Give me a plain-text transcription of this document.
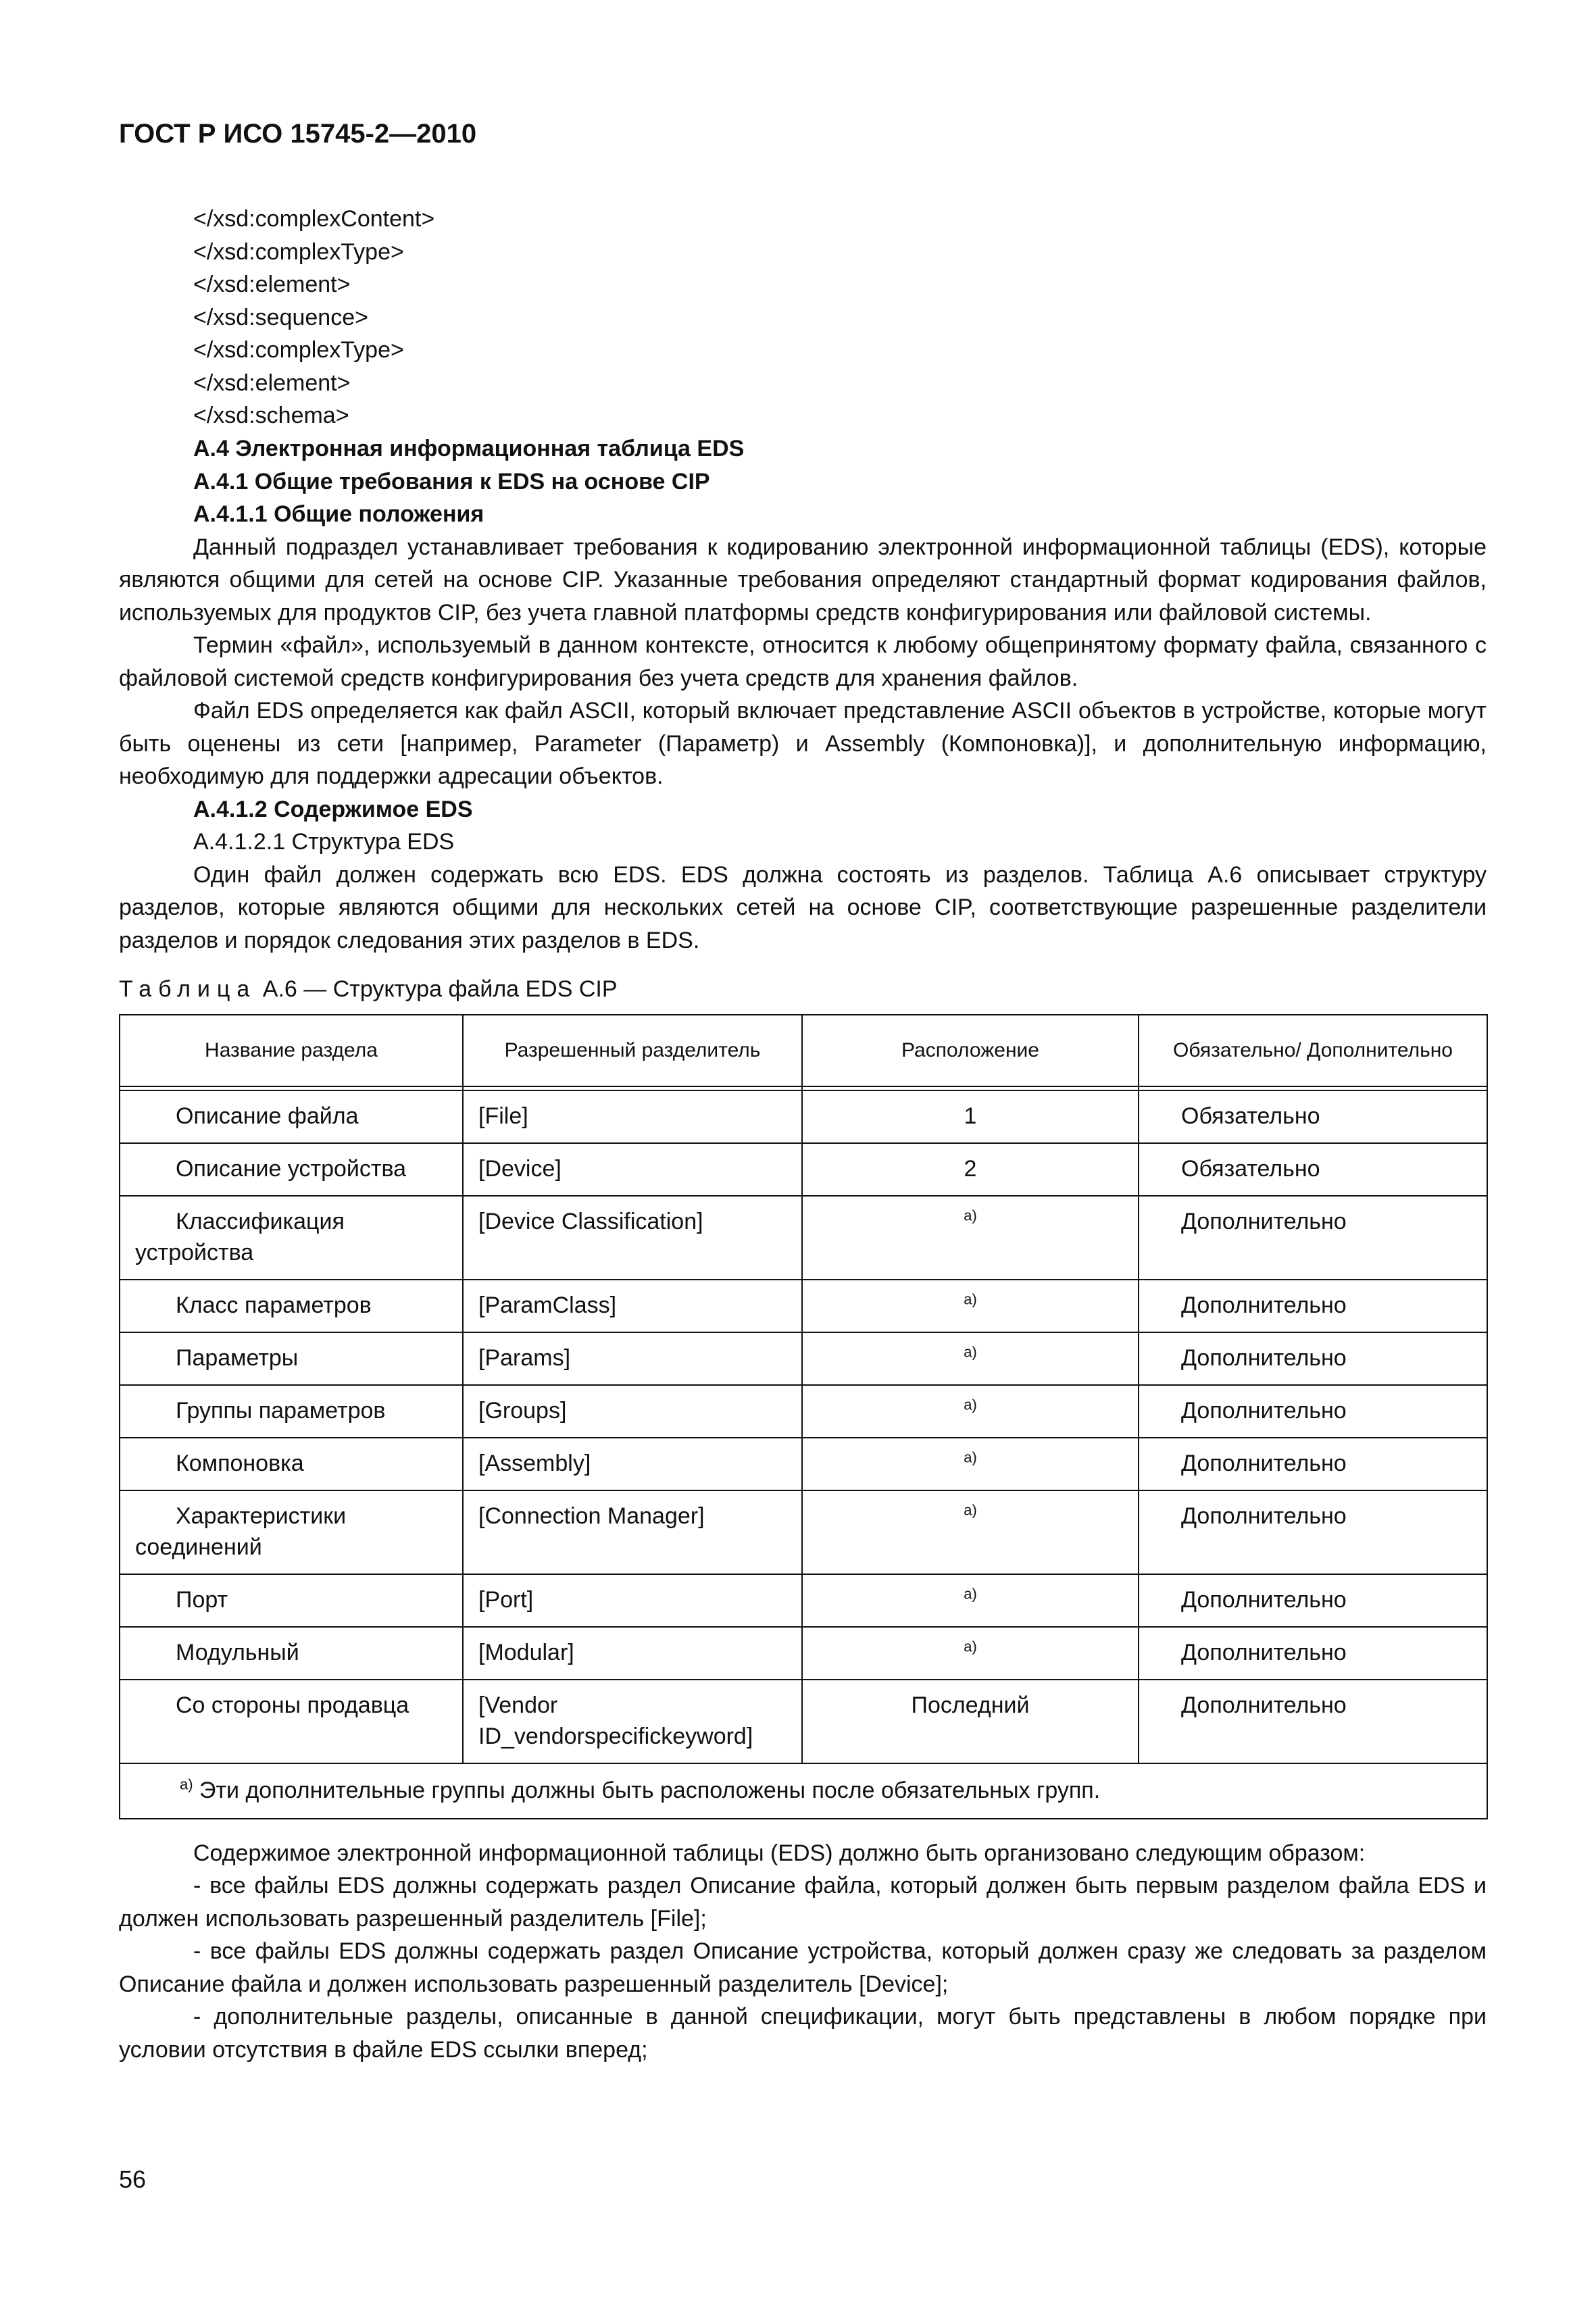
ГОСТ Р ИСО 15745-2—2010
</xsd:complexContent>
</xsd:complexType>
</xsd:element>
</xsd:sequence>
</xsd:complexType>
</xsd:element>
</xsd:schema>
A.4 Электронная информационная таблица EDS
A.4.1 Общие требования к EDS на основе CIP
A.4.1.1 Общие положения
Данный подраздел устанавливает требования к кодированию электронной информационной таблицы (EDS), которые являются общими для сетей на основе CIP. Указанные требования определяют стандартный формат кодирования файлов, используемых для продуктов CIP, без учета главной платформы средств конфигурирования или файловой системы.
Термин «файл», используемый в данном контексте, относится к любому общепринятому формату файла, связанного с файловой системой средств конфигурирования без учета средств для хранения файлов.
Файл EDS определяется как файл ASCII, который включает представление ASCII объектов в устройстве, которые могут быть оценены из сети [например, Parameter (Параметр) и Assembly (Компоновка)], и дополнительную информацию, необходимую для поддержки адресации объектов.
A.4.1.2 Содержимое EDS
A.4.1.2.1 Структура EDS
Один файл должен содержать всю EDS. EDS должна состоять из разделов. Таблица A.6 описывает структуру разделов, которые являются общими для нескольких сетей на основе CIP, соответствующие разрешенные разделители разделов и порядок следования этих разделов в EDS.
Таблица A.6 — Структура файла EDS CIP
Название раздела	Разрешенный разделитель	Расположение	Обязательно/ Дополнительно

Описание файла	[File]	1	Обязательно
Описание устройства	[Device]	2	Обязательно
Классификация устройства	[Device Classification]	$^{а)}$	Дополнительно
Класс параметров	[ParamClass]	$^{а)}$	Дополнительно
Параметры	[Params]	$^{а)}$	Дополнительно
Группы параметров	[Groups]	$^{а)}$	Дополнительно
Компоновка	[Assembly]	$^{а)}$	Дополнительно
Характеристики соединений	[Connection Manager]	$^{а)}$	Дополнительно
Порт	[Port]	$^{а)}$	Дополнительно
Модульный	[Modular]	$^{а)}$	Дополнительно
Со стороны продавца	[Vendor ID_vendorspecifickeyword]	Последний	Дополнительно
$^{а)}$ Эти дополнительные группы должны быть расположены после обязательных групп.			
Содержимое электронной информационной таблицы (EDS) должно быть организовано следующим образом:
- все файлы EDS должны содержать раздел Описание файла, который должен быть первым разделом файла EDS и должен использовать разрешенный разделитель [File];
- все файлы EDS должны содержать раздел Описание устройства, который должен сразу же следовать за разделом Описание файла и должен использовать разрешенный разделитель [Device];
- дополнительные разделы, описанные в данной спецификации, могут быть представлены в любом порядке при условии отсутствия в файле EDS ссылки вперед;
56
